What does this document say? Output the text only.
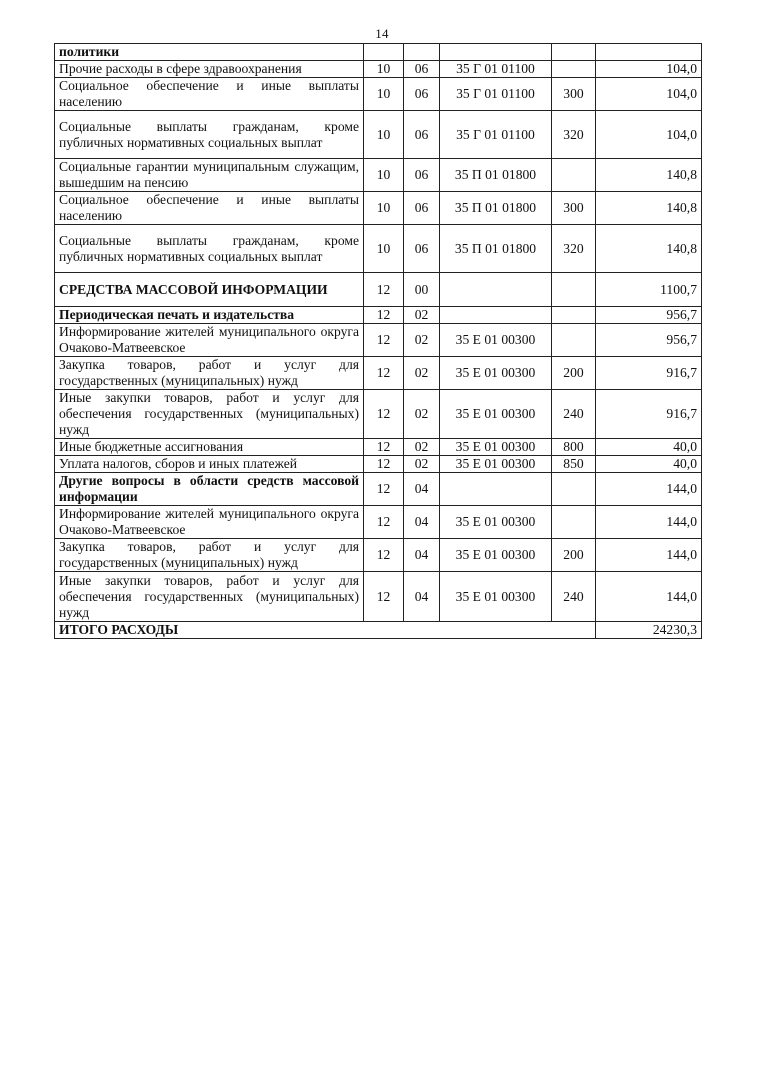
14
политики					
Прочие расходы в сфере здравоохранения	10	06	35 Г 01 01100		104,0
Социальное обеспечение и иные выплаты населению	10	06	35 Г 01 01100	300	104,0
Социальные выплаты гражданам, кроме публичных нормативных социальных выплат	10	06	35 Г 01 01100	320	104,0
Социальные гарантии муниципальным служащим, вышедшим на пенсию	10	06	35 П 01 01800		140,8
Социальное обеспечение и иные выплаты населению	10	06	35 П 01 01800	300	140,8
Социальные выплаты гражданам, кроме публичных нормативных социальных выплат	10	06	35 П 01 01800	320	140,8
СРЕДСТВА МАССОВОЙ ИНФОРМАЦИИ	12	00			1100,7
Периодическая печать и издательства	12	02			956,7
Информирование жителей муниципального округа Очаково-Матвеевское	12	02	35 Е 01 00300		956,7
Закупка товаров, работ и услуг для государственных (муниципальных) нужд	12	02	35 Е 01 00300	200	916,7
Иные закупки товаров, работ и услуг для обеспечения государственных (муниципальных) нужд	12	02	35 Е 01 00300	240	916,7
Иные бюджетные ассигнования	12	02	35 Е 01 00300	800	40,0
Уплата налогов, сборов и иных платежей	12	02	35 Е 01 00300	850	40,0
Другие вопросы в области средств массовой информации	12	04			144,0
Информирование жителей муниципального округа Очаково-Матвеевское	12	04	35 Е 01 00300		144,0
Закупка товаров, работ и услуг для государственных (муниципальных) нужд	12	04	35 Е 01 00300	200	144,0
Иные закупки товаров, работ и услуг для обеспечения государственных (муниципальных) нужд	12	04	35 Е 01 00300	240	144,0
ИТОГО РАСХОДЫ					24230,3
